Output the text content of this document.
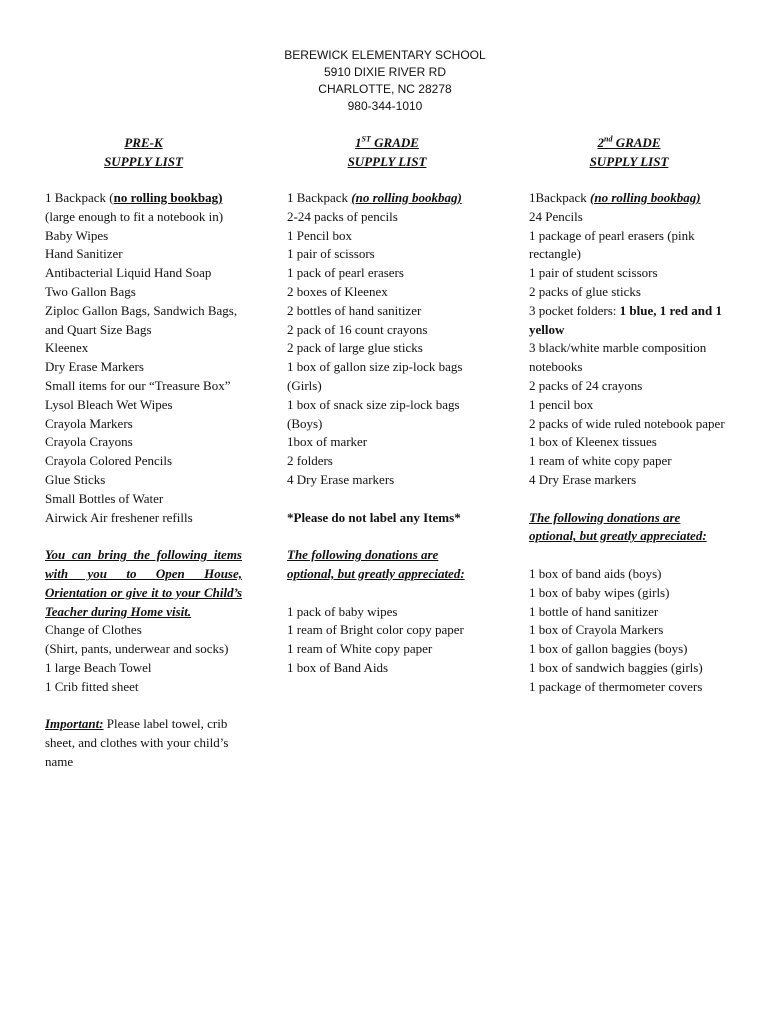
BEREWICK ELEMENTARY SCHOOL
5910 DIXIE RIVER RD
CHARLOTTE, NC 28278
980-344-1010
PRE-K
SUPPLY LIST
1 Backpack (no rolling bookbag)
(large enough to fit a notebook in)
Baby Wipes
Hand Sanitizer
Antibacterial Liquid Hand Soap
Two Gallon Bags
Ziploc Gallon Bags, Sandwich Bags, and Quart Size Bags
Kleenex
Dry Erase Markers
Small items for our “Treasure Box”
Lysol Bleach Wet Wipes
Crayola Markers
Crayola Crayons
Crayola Colored Pencils
Glue Sticks
Small Bottles of Water
Airwick Air freshener refills
You can bring the following items with you to Open House, Orientation or give it to your Child’s Teacher during Home visit.
Change of Clothes
(Shirt, pants, underwear and socks)
1 large Beach Towel
1 Crib fitted sheet
Important: Please label towel, crib sheet, and clothes with your child’s name
1ST GRADE
SUPPLY LIST
1 Backpack (no rolling bookbag)
2-24 packs of pencils
1 Pencil box
1 pair of scissors
1 pack of pearl erasers
2 boxes of Kleenex
2 bottles of hand sanitizer
2 pack of 16 count crayons
2 pack of large glue sticks
1 box of gallon size zip-lock bags (Girls)
1 box of snack size zip-lock bags (Boys)
1box of marker
2 folders
4 Dry Erase markers
*Please do not label any Items*
The following donations are optional, but greatly appreciated:
1 pack of baby wipes
1 ream of Bright color copy paper
1 ream of White copy paper
1 box of Band Aids
2nd GRADE
SUPPLY LIST
1Backpack (no rolling bookbag)
24 Pencils
1 package of pearl erasers (pink rectangle)
1 pair of student scissors
2 packs of glue sticks
3 pocket folders: 1 blue, 1 red and 1 yellow
3 black/white marble composition notebooks
2 packs of 24 crayons
1 pencil box
2 packs of wide ruled notebook paper
1 box of Kleenex tissues
1 ream of white copy paper
4 Dry Erase markers
The following donations are optional, but greatly appreciated:
1 box of band aids (boys)
1 box of baby wipes (girls)
1 bottle of hand sanitizer
1 box of Crayola Markers
1 box of gallon baggies (boys)
1 box of sandwich baggies (girls)
1 package of thermometer covers
